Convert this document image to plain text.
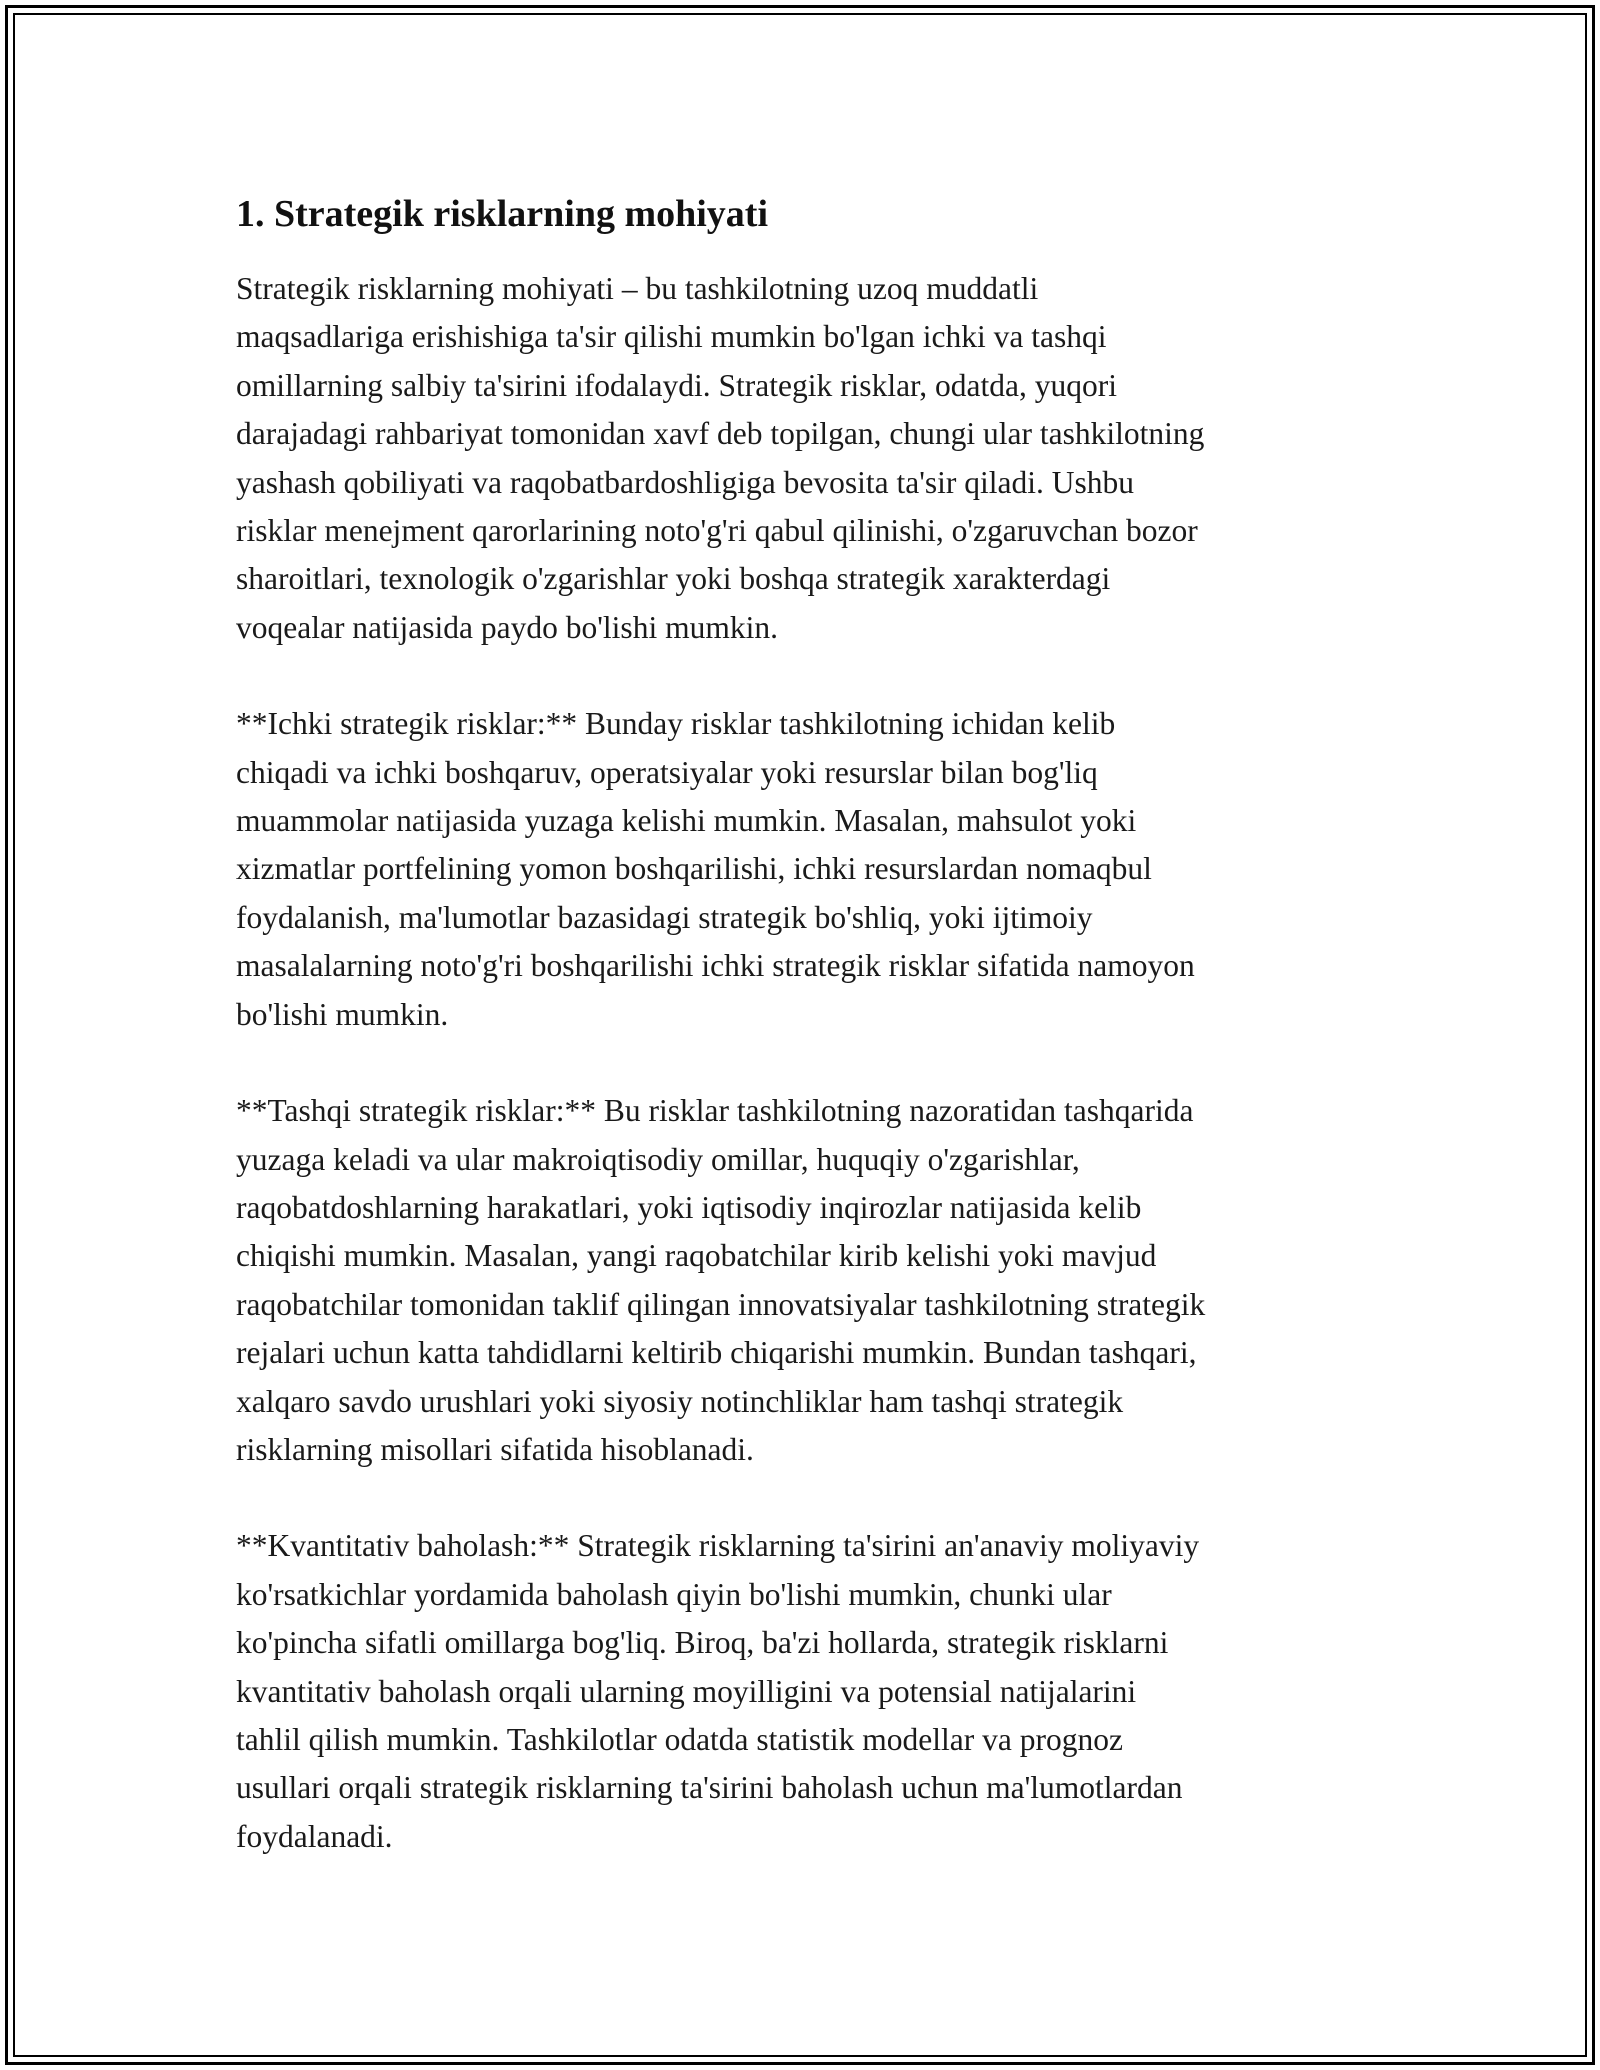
1. Strategik risklarning mohiyati

Strategik risklarning mohiyati – bu tashkilotning uzoq muddatli
maqsadlariga erishishiga ta'sir qilishi mumkin bo'lgan ichki va tashqi
omillarning salbiy ta'sirini ifodalaydi. Strategik risklar, odatda, yuqori
darajadagi rahbariyat tomonidan xavf deb topilgan, chungi ular tashkilotning
yashash qobiliyati va raqobatbardoshligiga bevosita ta'sir qiladi. Ushbu
risklar menejment qarorlarining noto'g'ri qabul qilinishi, o'zgaruvchan bozor
sharoitlari, texnologik o'zgarishlar yoki boshqa strategik xarakterdagi
voqealar natijasida paydo bo'lishi mumkin.

**Ichki strategik risklar:** Bunday risklar tashkilotning ichidan kelib
chiqadi va ichki boshqaruv, operatsiyalar yoki resurslar bilan bog'liq
muammolar natijasida yuzaga kelishi mumkin. Masalan, mahsulot yoki
xizmatlar portfelining yomon boshqarilishi, ichki resurslardan nomaqbul
foydalanish, ma'lumotlar bazasidagi strategik bo'shliq, yoki ijtimoiy
masalalarning noto'g'ri boshqarilishi ichki strategik risklar sifatida namoyon
bo'lishi mumkin.

**Tashqi strategik risklar:** Bu risklar tashkilotning nazoratidan tashqarida
yuzaga keladi va ular makroiqtisodiy omillar, huquqiy o'zgarishlar,
raqobatdoshlarning harakatlari, yoki iqtisodiy inqirozlar natijasida kelib
chiqishi mumkin. Masalan, yangi raqobatchilar kirib kelishi yoki mavjud
raqobatchilar tomonidan taklif qilingan innovatsiyalar tashkilotning strategik
rejalari uchun katta tahdidlarni keltirib chiqarishi mumkin. Bundan tashqari,
xalqaro savdo urushlari yoki siyosiy notinchliklar ham tashqi strategik
risklarning misollari sifatida hisoblanadi.

**Kvantitativ baholash:** Strategik risklarning ta'sirini an'anaviy moliyaviy
ko'rsatkichlar yordamida baholash qiyin bo'lishi mumkin, chunki ular
ko'pincha sifatli omillarga bog'liq. Biroq, ba'zi hollarda, strategik risklarni
kvantitativ baholash orqali ularning moyilligini va potensial natijalarini
tahlil qilish mumkin. Tashkilotlar odatda statistik modellar va prognoz
usullari orqali strategik risklarning ta'sirini baholash uchun ma'lumotlardan
foydalanadi.
